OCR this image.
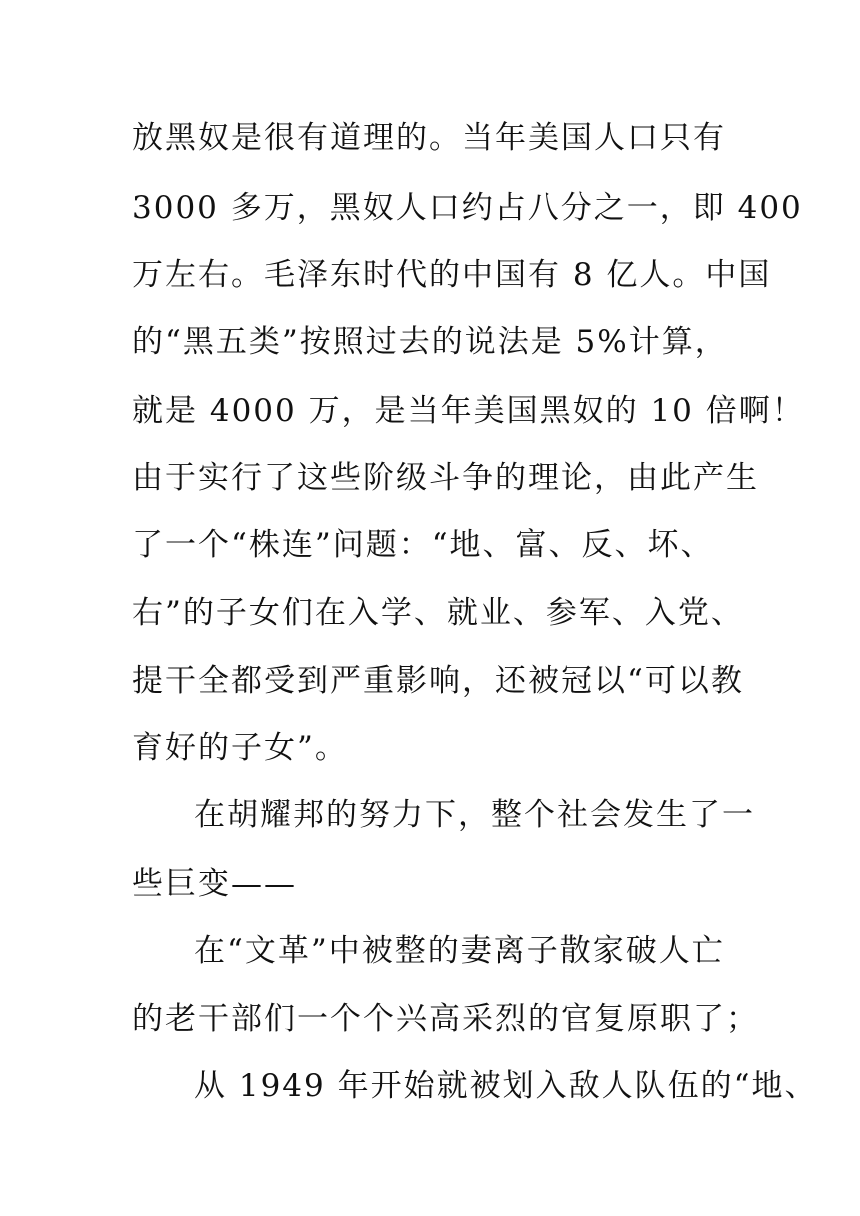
放黑奴是很有道理的。当年美国人口只有
3000 多万，黑奴人口约占八分之一，即 400
万左右。毛泽东时代的中国有 8 亿人。中国
的“黑五类”按照过去的说法是 5%计算，
就是 4000 万，是当年美国黑奴的 10 倍啊！
由于实行了这些阶级斗争的理论，由此产生
了一个“株连”问题：“地、富、反、坏、
右”的子女们在入学、就业、参军、入党、
提干全都受到严重影响，还被冠以“可以教
育好的子女”。
在胡耀邦的努力下，整个社会发生了一
些巨变——
在“文革”中被整的妻离子散家破人亡
的老干部们一个个兴高采烈的官复原职了；
从 1949 年开始就被划入敌人队伍的“地、
